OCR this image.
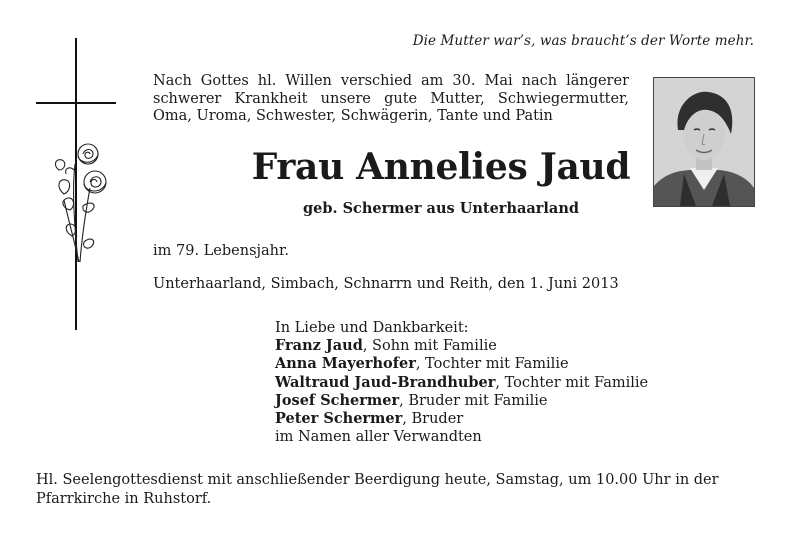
Die Mutter war’s, was braucht’s der Worte mehr.
Nach Gottes hl. Willen verschied am 30. Mai nach längerer schwerer Krankheit unsere gute Mutter, Schwiegermutter, Oma, Uroma, Schwester, Schwägerin, Tante und Patin
Frau Annelies Jaud
geb. Schermer aus Unterhaarland
im 79. Lebensjahr.
Unterhaarland, Simbach, Schnarrn und Reith, den 1. Juni 2013
In Liebe und Dankbarkeit:
Franz Jaud, Sohn mit Familie
Anna Mayerhofer, Tochter mit Familie
Waltraud Jaud-Brandhuber, Tochter mit Familie
Josef Schermer, Bruder mit Familie
Peter Schermer, Bruder
im Namen aller Verwandten
Hl. Seelengottesdienst mit anschließender Beerdigung heute, Samstag, um 10.00 Uhr in der Pfarrkirche in Ruhstorf.
